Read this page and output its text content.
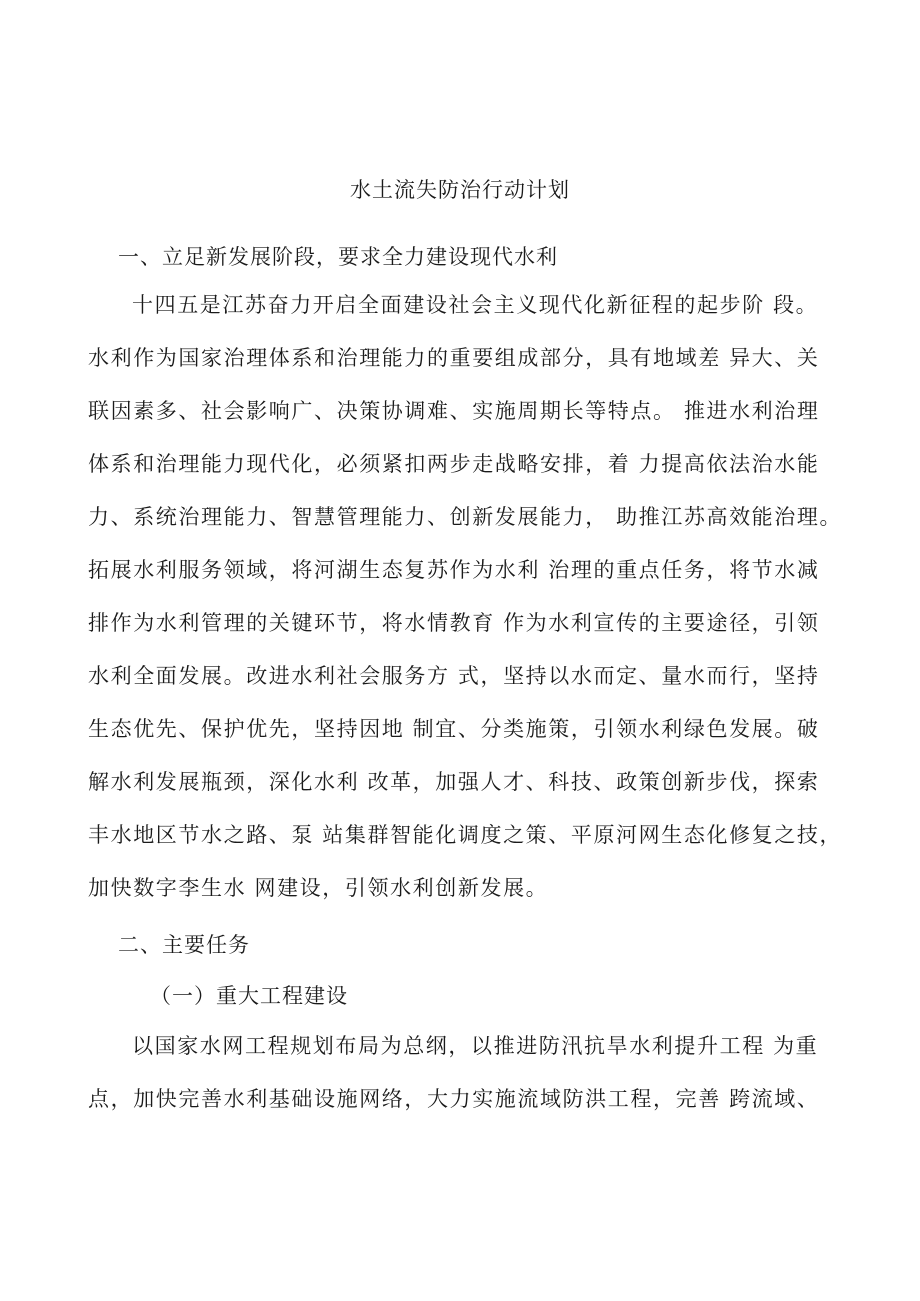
水土流失防治行动计划
一、立足新发展阶段，要求全力建设现代水利
十四五是江苏奋力开启全面建设社会主义现代化新征程的起步阶 段。
水利作为国家治理体系和治理能力的重要组成部分，具有地域差 异大、关
联因素多、社会影响广、决策协调难、实施周期长等特点。 推进水利治理
体系和治理能力现代化，必须紧扣两步走战略安排，着 力提高依法治水能
力、系统治理能力、智慧管理能力、创新发展能力， 助推江苏高效能治理。
拓展水利服务领域，将河湖生态复苏作为水利 治理的重点任务，将节水减
排作为水利管理的关键环节，将水情教育 作为水利宣传的主要途径，引领
水利全面发展。改进水利社会服务方 式，坚持以水而定、量水而行，坚持
生态优先、保护优先，坚持因地 制宜、分类施策，引领水利绿色发展。破
解水利发展瓶颈，深化水利 改革，加强人才、科技、政策创新步伐，探索
丰水地区节水之路、泵 站集群智能化调度之策、平原河网生态化修复之技，
加快数字李生水 网建设，引领水利创新发展。
二、主要任务
（一）重大工程建设
以国家水网工程规划布局为总纲，以推进防汛抗旱水利提升工程 为重
点，加快完善水利基础设施网络，大力实施流域防洪工程，完善 跨流域、
